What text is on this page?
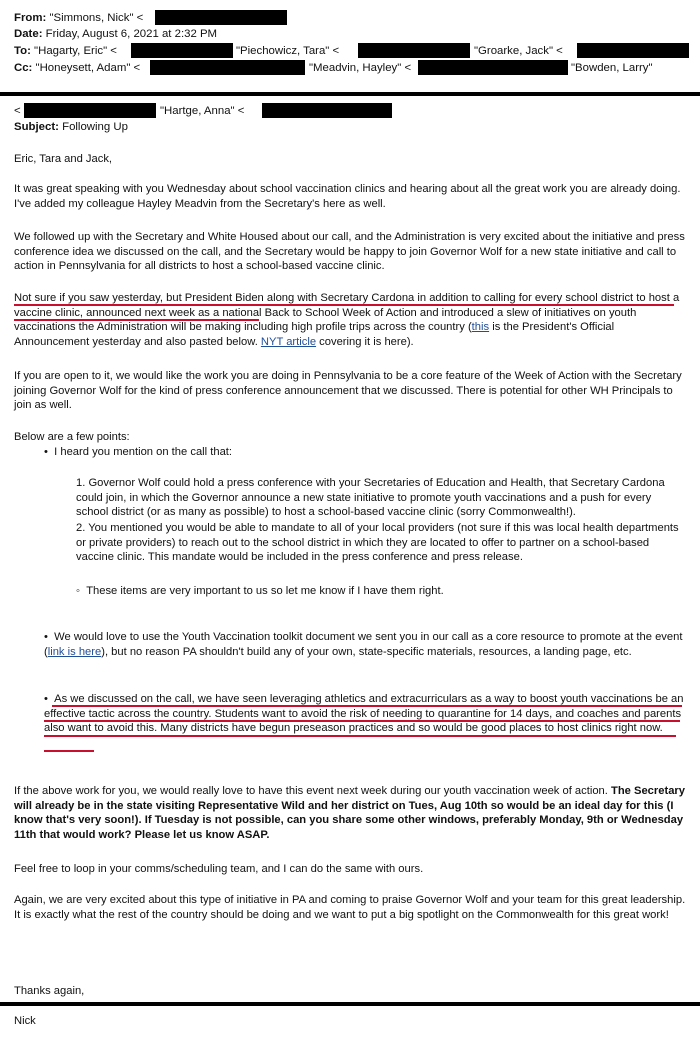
From: "Simmons, Nick" <
Date: Friday, August 6, 2021 at 2:32 PM
To: "Hagarty, Eric" <	"Piechowicz, Tara" <	"Groarke, Jack" <
Cc: "Honeysett, Adam" <	"Meadvin, Hayley" <	"Bowden, Larry"
<	"Hartge, Anna" <
Subject: Following Up

Eric, Tara and Jack,

It was great speaking with you Wednesday about school vaccination clinics and hearing about all the great work you are already doing. I've added my colleague Hayley Meadvin from the Secretary's here as well.

We followed up with the Secretary and White Housed about our call, and the Administration is very excited about the initiative and press conference idea we discussed on the call, and the Secretary would be happy to join Governor Wolf for a new state initiative and call to action in Pennsylvania for all districts to host a school-based vaccine clinic.

Not sure if you saw yesterday, but President Biden along with Secretary Cardona in addition to calling for every school district to host a vaccine clinic, announced next week as a national Back to School Week of Action and introduced a slew of initiatives on youth vaccinations the Administration will be making including high profile trips across the country (this is the President's Official Announcement yesterday and also pasted below. NYT article covering it is here).

If you are open to it, we would like the work you are doing in Pennsylvania to be a core feature of the Week of Action with the Secretary joining Governor Wolf for the kind of press conference announcement that we discussed. There is potential for other WH Principals to join as well.

Below are a few points:

• I heard you mention on the call that:

1. Governor Wolf could hold a press conference with your Secretaries of Education and Health, that Secretary Cardona could join, in which the Governor announce a new state initiative to promote youth vaccinations and a push for every school district (or as many as possible) to host a school-based vaccine clinic (sorry Commonwealth!).

2. You mentioned you would be able to mandate to all of your local providers (not sure if this was local health departments or private providers) to reach out to the school district in which they are located to offer to partner on a school-based vaccine clinic. This mandate would be included in the press conference and press release.

◦ These items are very important to us so let me know if I have them right.

• We would love to use the Youth Vaccination toolkit document we sent you in our call as a core resource to promote at the event (link is here), but no reason PA shouldn't build any of your own, state-specific materials, resources, a landing page, etc.

• As we discussed on the call, we have seen leveraging athletics and extracurriculars as a way to boost youth vaccinations be an effective tactic across the country. Students want to avoid the risk of needing to quarantine for 14 days, and coaches and parents also want to avoid this. Many districts have begun preseason practices and so would be good places to host clinics right now.

If the above work for you, we would really love to have this event next week during our youth vaccination week of action. The Secretary will already be in the state visiting Representative Wild and her district on Tues, Aug 10th so would be an ideal day for this (I know that's very soon!). If Tuesday is not possible, can you share some other windows, preferably Monday, 9th or Wednesday 11th that would work? Please let us know ASAP.

Feel free to loop in your comms/scheduling team, and I can do the same with ours.

Again, we are very excited about this type of initiative in PA and coming to praise Governor Wolf and your team for this great leadership. It is exactly what the rest of the country should be doing and we want to put a big spotlight on the Commonwealth for this great work!

Thanks again,
Nick
